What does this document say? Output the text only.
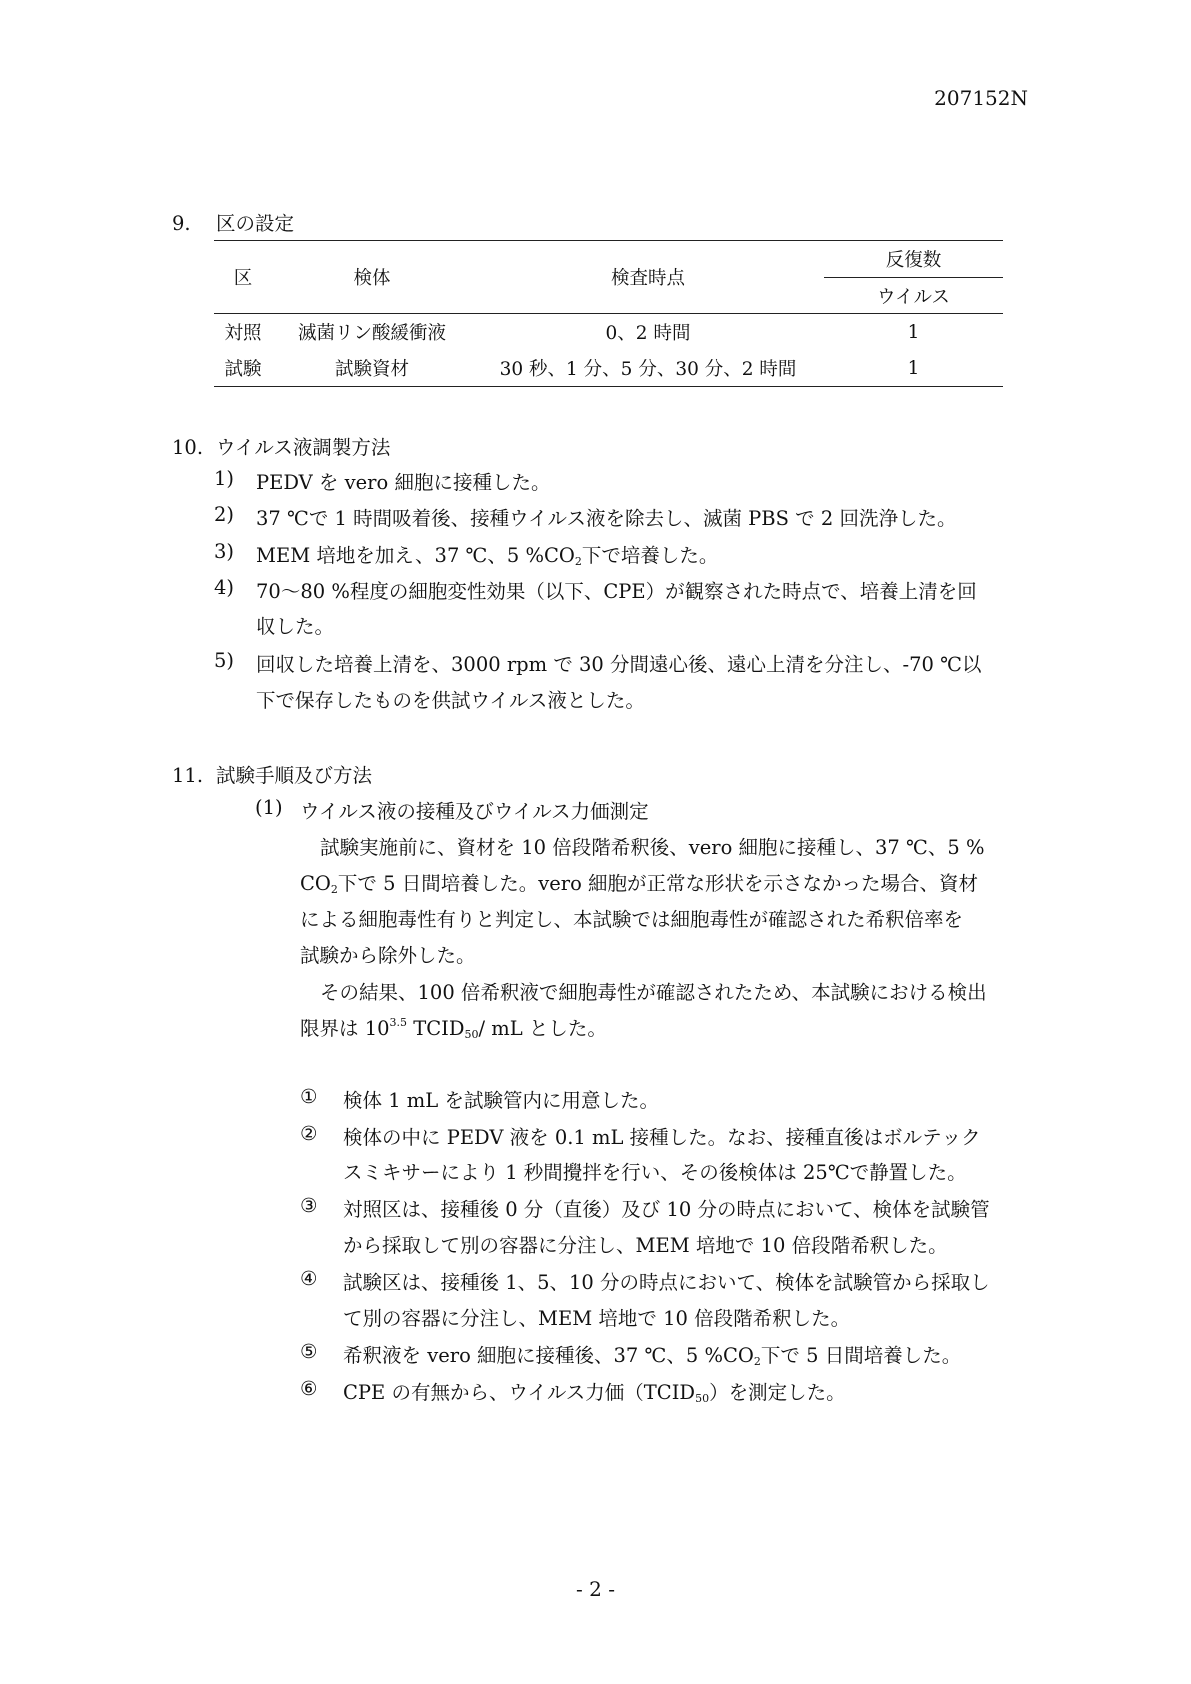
207152N
9. 区の設定
区	検体	検査時点	反復数
			ウイルス
対照	滅菌リン酸緩衝液	0、2 時間	1
試験	試験資材	30 秒、1 分、5 分、30 分、2 時間	1
10. ウイルス液調製方法
1) PEDV を vero 細胞に接種した。
2) 37 ℃で 1 時間吸着後、接種ウイルス液を除去し、滅菌 PBS で 2 回洗浄した。
3) MEM 培地を加え、37 ℃、5 $\%CO_2$下で培養した。
4) 70～80 %程度の細胞変性効果（以下、CPE）が観察された時点で、培養上清を回
収した。
5) 回収した培養上清を、3000 rpm で 30 分間遠心後、遠心上清を分注し、-70 ℃以
下で保存したものを供試ウイルス液とした。
11. 試験手順及び方法
(1) ウイルス液の接種及びウイルス力価測定
試験実施前に、資材を 10 倍段階希釈後、vero 細胞に接種し、37 ℃、5 %
$CO_2$下で 5 日間培養した。vero 細胞が正常な形状を示さなかった場合、資材
による細胞毒性有りと判定し、本試験では細胞毒性が確認された希釈倍率を
試験から除外した。
その結果、100 倍希釈液で細胞毒性が確認されたため、本試験における検出
限界は $10^{3.5}$ $TCID_{50}/$ mL とした。
① 検体 1 mL を試験管内に用意した。
② 検体の中に PEDV 液を 0.1 mL 接種した。なお、接種直後はボルテック
スミキサーにより 1 秒間攪拌を行い、その後検体は 25℃で静置した。
③ 対照区は、接種後 0 分（直後）及び 10 分の時点において、検体を試験管
から採取して別の容器に分注し、MEM 培地で 10 倍段階希釈した。
④ 試験区は、接種後 1、5、10 分の時点において、検体を試験管から採取し
て別の容器に分注し、MEM 培地で 10 倍段階希釈した。
⑤ 希釈液を vero 細胞に接種後、37 ℃、5 $\%CO_2$下で 5 日間培養した。
⑥ CPE の有無から、ウイルス力価$(TCID_{50})$を測定した。
- 2 -
